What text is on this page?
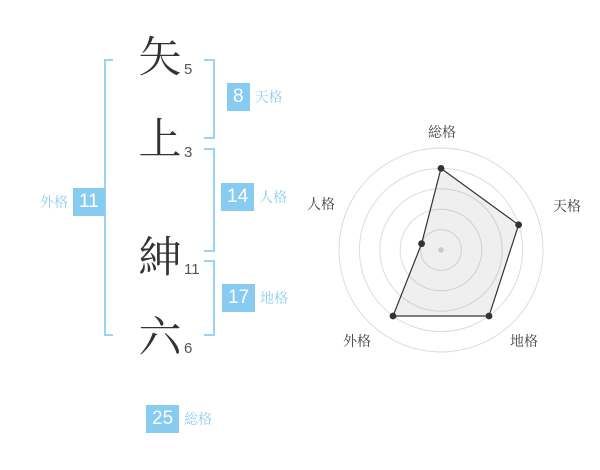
矢
上
紳
六
5
3
11
6
8 天格
14 人格
17 地格
25 総格
外格 11
総格
天格
地格
外格
人格
